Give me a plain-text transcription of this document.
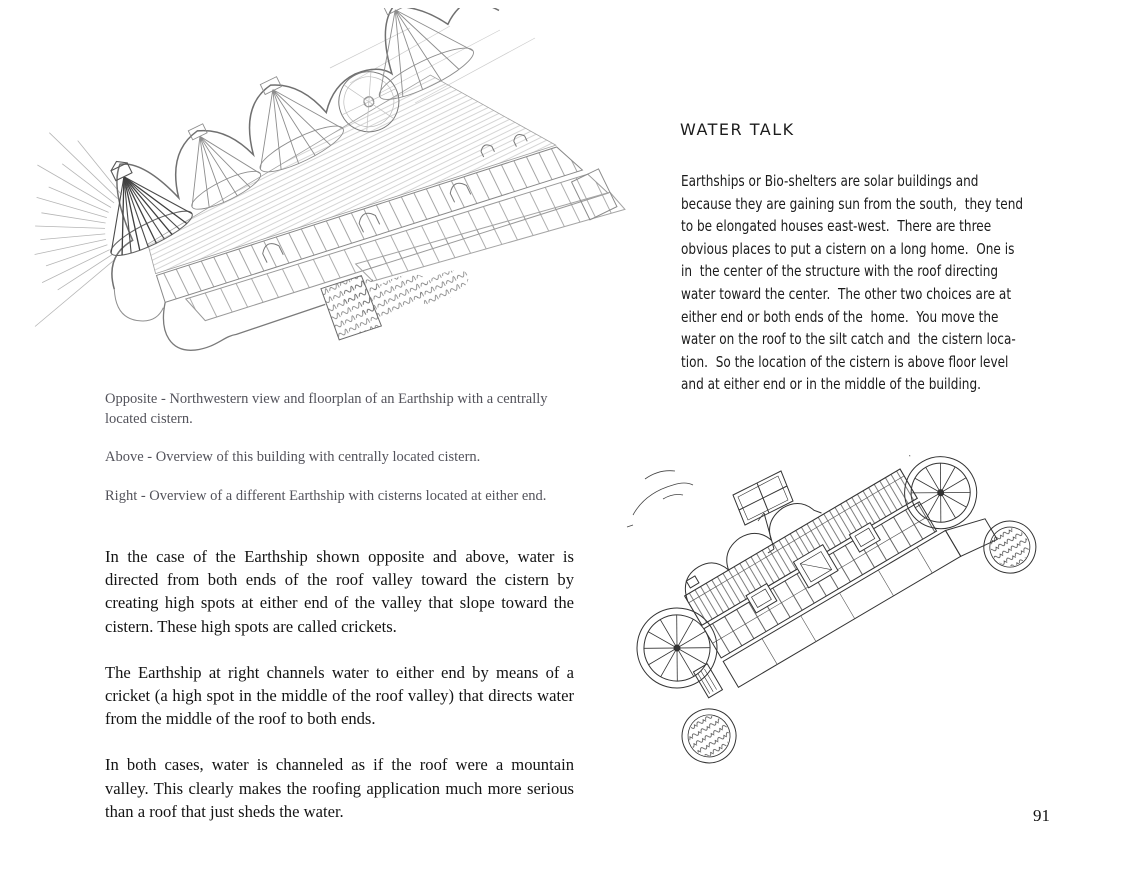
Opposite - Northwestern view and floorplan of an Earthship with a centrally located cistern.

Above - Overview of this building with centrally located cistern.

Right - Overview of a different Earthship with cisterns located at either end.

In the case of the Earthship shown opposite and above, water is directed from both ends of the roof valley toward the cistern by creating high spots at either end of the valley that slope toward the cistern. These high spots are called crickets.

The Earthship at right channels water to either end by means of a cricket (a high spot in the middle of the roof valley) that directs water from the middle of the roof to both ends.

In both cases, water is channeled as if the roof were a mountain valley. This clearly makes the roofing application much more serious than a roof that just sheds the water.

WATER TALK
Earthships or Bio-shelters are solar buildings and
because they are gaining sun from the south,  they tend
to be elongated houses east-west.  There are three
obvious places to put a cistern on a long home.  One is
in  the center of the structure with the roof directing
water toward the center.  The other two choices are at
either end or both ends of the  home.  You move the
water on the roof to the silt catch and  the cistern loca-
tion.  So the location of the cistern is above floor level
and at either end or in the middle of the building.
91
